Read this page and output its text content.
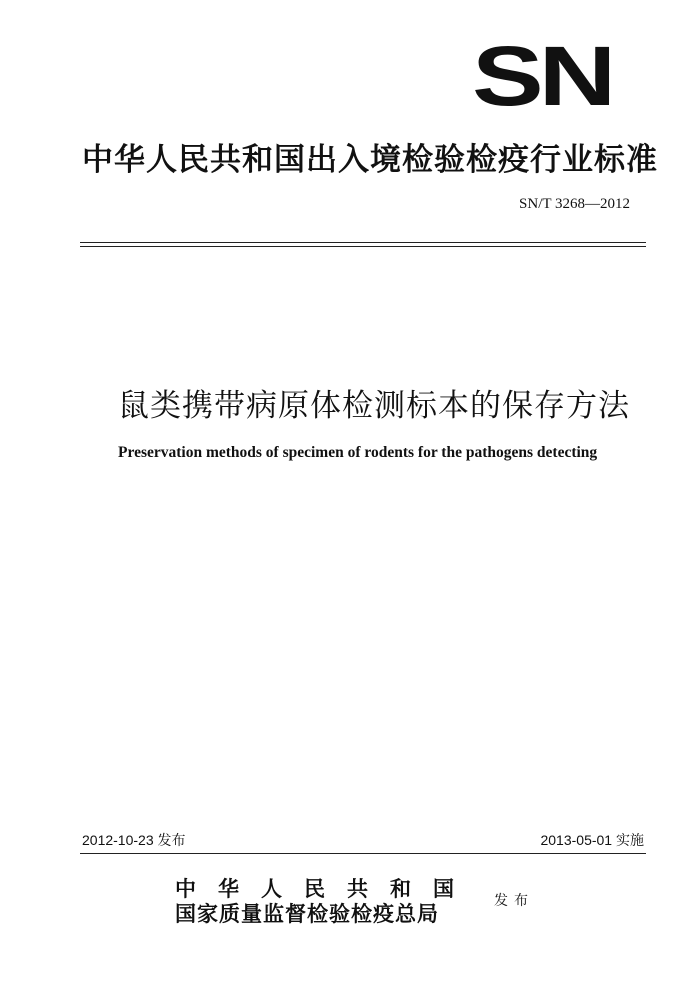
SN
中华人民共和国出入境检验检疫行业标准
SN/T 3268—2012
鼠类携带病原体检测标本的保存方法
Preservation methods of specimen of rodents for the pathogens detecting
2012-10-23 发布	2013-05-01 实施
中华人民共和国
国家质量监督检验检疫总局	发布
